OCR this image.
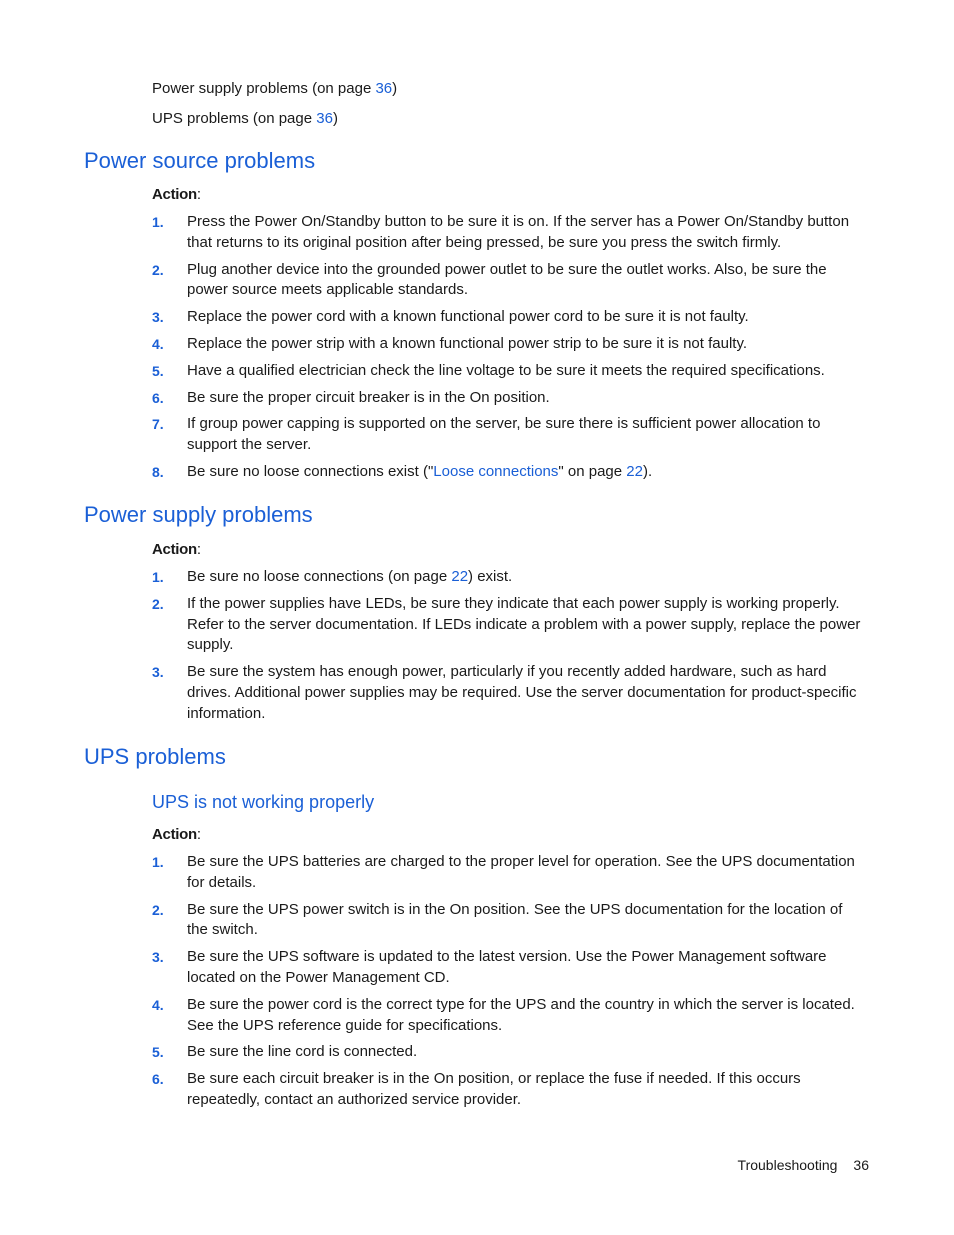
Power supply problems (on page 36)

UPS problems (on page 36)

Power source problems

Action:

1. Press the Power On/Standby button to be sure it is on. If the server has a Power On/Standby button that returns to its original position after being pressed, be sure you press the switch firmly.
2. Plug another device into the grounded power outlet to be sure the outlet works. Also, be sure the power source meets applicable standards.
3. Replace the power cord with a known functional power cord to be sure it is not faulty.
4. Replace the power strip with a known functional power strip to be sure it is not faulty.
5. Have a qualified electrician check the line voltage to be sure it meets the required specifications.
6. Be sure the proper circuit breaker is in the On position.
7. If group power capping is supported on the server, be sure there is sufficient power allocation to support the server.
8. Be sure no loose connections exist ("Loose connections" on page 22).
Power supply problems

Action:

1. Be sure no loose connections (on page 22) exist.
2. If the power supplies have LEDs, be sure they indicate that each power supply is working properly. Refer to the server documentation. If LEDs indicate a problem with a power supply, replace the power supply.
3. Be sure the system has enough power, particularly if you recently added hardware, such as hard drives. Additional power supplies may be required. Use the server documentation for product-specific information.
UPS problems
UPS is not working properly

Action:

1. Be sure the UPS batteries are charged to the proper level for operation. See the UPS documentation for details.
2. Be sure the UPS power switch is in the On position. See the UPS documentation for the location of the switch.
3. Be sure the UPS software is updated to the latest version. Use the Power Management software located on the Power Management CD.
4. Be sure the power cord is the correct type for the UPS and the country in which the server is located. See the UPS reference guide for specifications.
5. Be sure the line cord is connected.
6. Be sure each circuit breaker is in the On position, or replace the fuse if needed. If this occurs repeatedly, contact an authorized service provider.
Troubleshooting 36
